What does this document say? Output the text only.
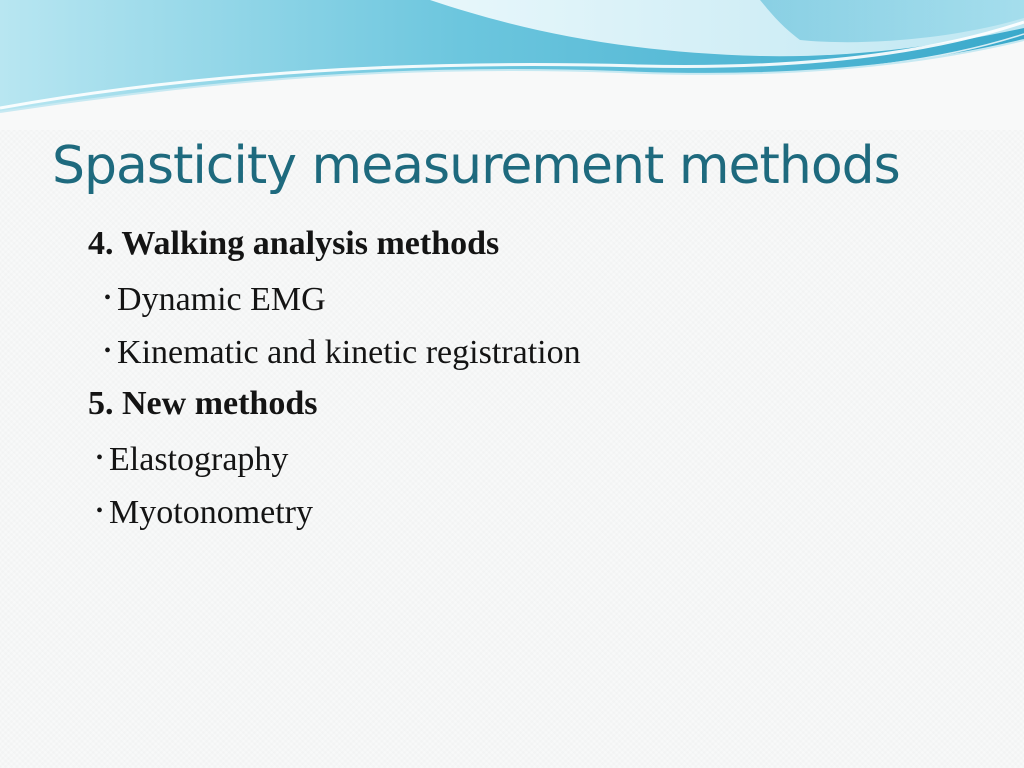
Spasticity measurement methods
4. Walking analysis methods
• Dynamic EMG
• Kinematic and kinetic registration
5. New methods
• Elastography
• Myotonometry
